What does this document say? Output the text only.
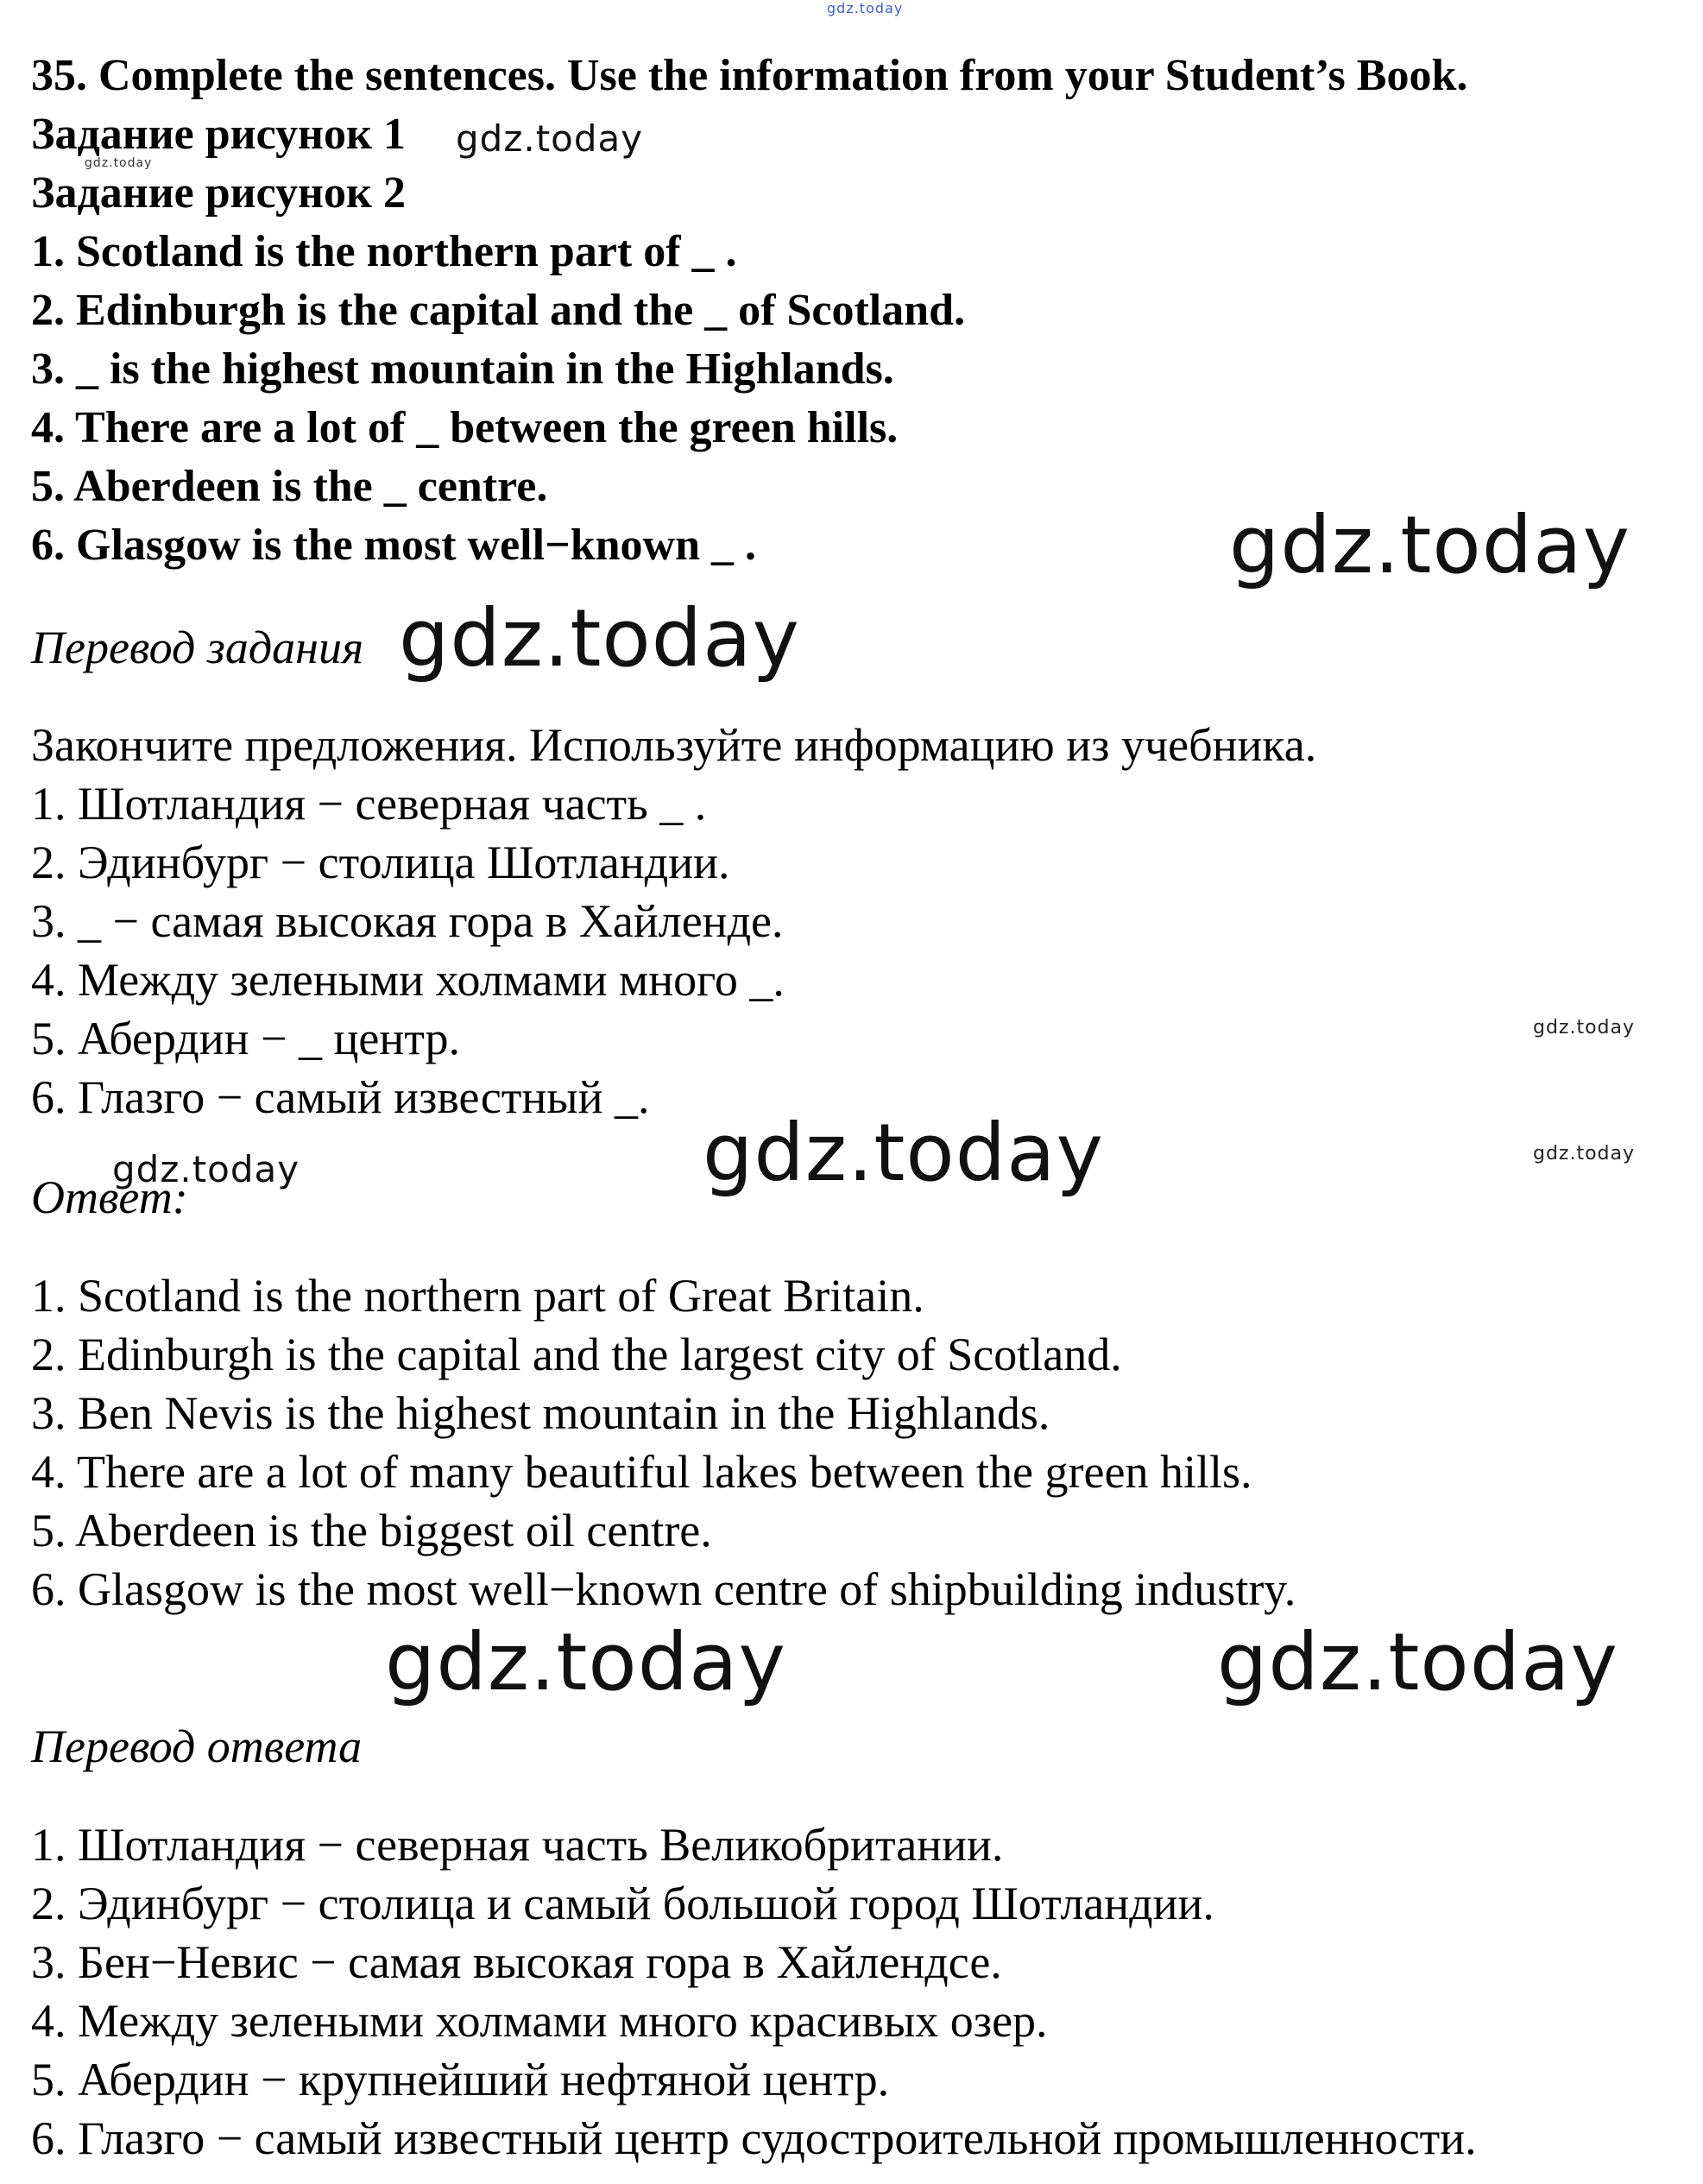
35. Complete the sentences. Use the information from your Student’s Book.
Задание рисунок 1
Задание рисунок 2
1. Scotland is the northern part of _ .
2. Edinburgh is the capital and the _ of Scotland.
3. _ is the highest mountain in the Highlands.
4. There are a lot of _ between the green hills.
5. Aberdeen is the _ centre.
6. Glasgow is the most well−known _ .
Перевод задания
Закончите предложения. Используйте информацию из учебника.
1. Шотландия − северная часть _ .
2. Эдинбург − столица Шотландии.
3. _ − самая высокая гора в Хайленде.
4. Между зелеными холмами много _.
5. Абердин − _ центр.
6. Глазго − самый известный _.
Ответ:
1. Scotland is the northern part of Great Britain.
2. Edinburgh is the capital and the largest city of Scotland.
3. Ben Nevis is the highest mountain in the Highlands.
4. There are a lot of many beautiful lakes between the green hills.
5. Aberdeen is the biggest oil centre.
6. Glasgow is the most well−known centre of shipbuilding industry.
Перевод ответа
1. Шотландия − северная часть Великобритании.
2. Эдинбург − столица и самый большой город Шотландии.
3. Бен−Невис − самая высокая гора в Хайлендсе.
4. Между зелеными холмами много красивых озер.
5. Абердин − крупнейший нефтяной центр.
6. Глазго − самый известный центр судостроительной промышленности.
gdz.today
gdz.today
gdz.today
gdz.today
gdz.today
gdz.today
gdz.today
gdz.today	gdz.today
gdz.today	gdz.today
